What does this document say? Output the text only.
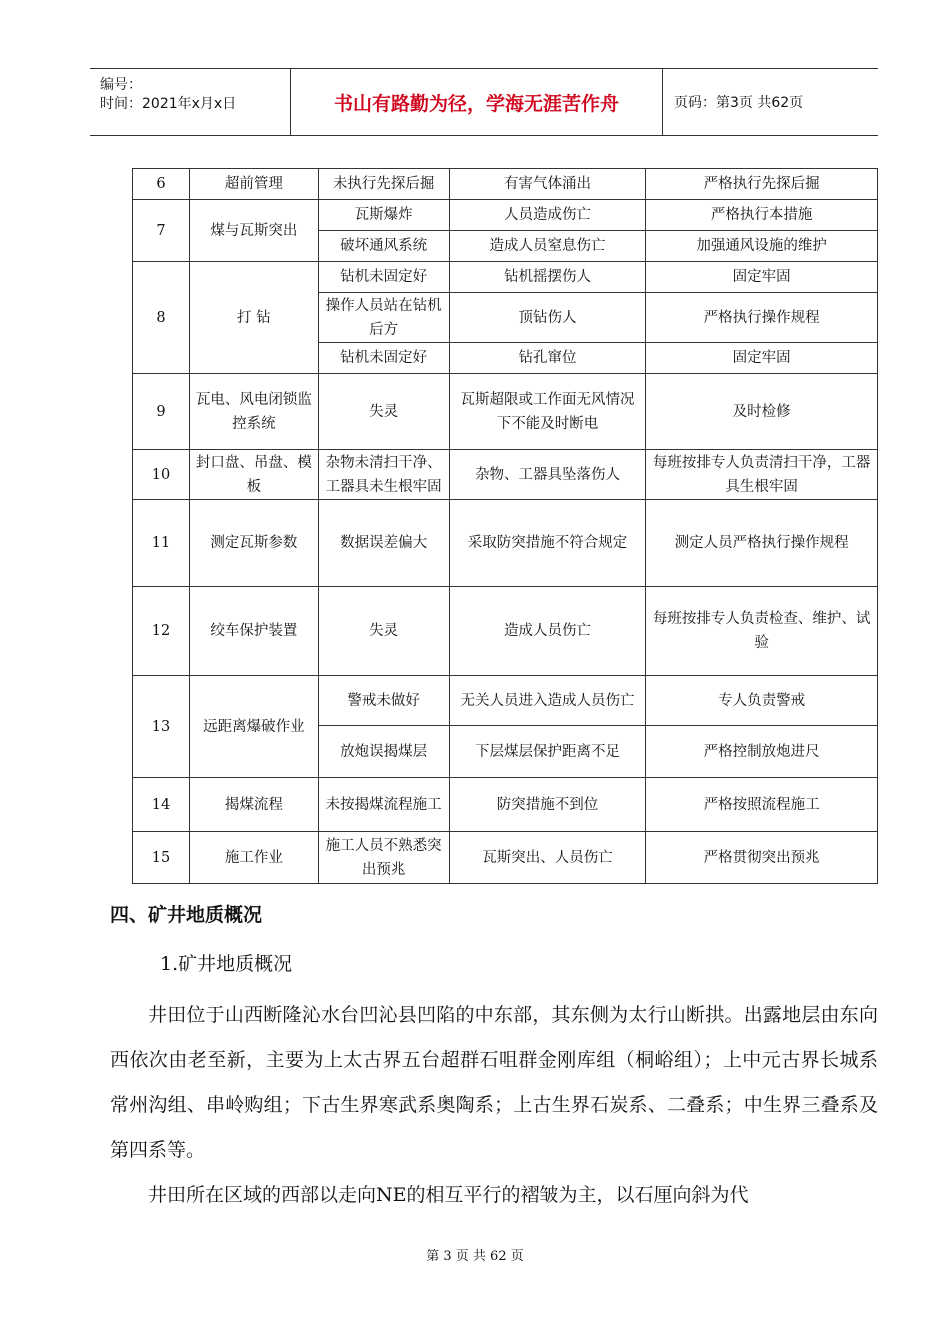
编号：
时间：2021年x月x日	书山有路勤为径，学海无涯苦作舟	页码：第3页 共62页
6	超前管理	未执行先探后掘	有害气体涌出	严格执行先探后掘
7	煤与瓦斯突出	瓦斯爆炸	人员造成伤亡	严格执行本措施
		破坏通风系统	造成人员窒息伤亡	加强通风设施的维护
8	打 钻	钻机未固定好	钻机摇摆伤人	固定牢固
		操作人员站在钻机后方	顶钻伤人	严格执行操作规程
		钻机未固定好	钻孔窜位	固定牢固
9	瓦电、风电闭锁监控系统	失灵	瓦斯超限或工作面无风情况下不能及时断电	及时检修
10	封口盘、吊盘、模板	杂物未清扫干净、工器具未生根牢固	杂物、工器具坠落伤人	每班按排专人负责清扫干净，工器具生根牢固
11	测定瓦斯参数	数据误差偏大	采取防突措施不符合规定	测定人员严格执行操作规程
12	绞车保护装置	失灵	造成人员伤亡	每班按排专人负责检查、维护、试验
13	远距离爆破作业	警戒未做好	无关人员进入造成人员伤亡	专人负责警戒
		放炮误揭煤层	下层煤层保护距离不足	严格控制放炮进尺
14	揭煤流程	未按揭煤流程施工	防突措施不到位	严格按照流程施工
15	施工作业	施工人员不熟悉突出预兆	瓦斯突出、人员伤亡	严格贯彻突出预兆
四、矿井地质概况
1.矿井地质概况

井田位于山西断隆沁水台凹沁县凹陷的中东部，其东侧为太行山断拱。出露地层由东向西依次由老至新，主要为上太古界五台超群石咀群金刚库组（桐峪组）；上中元古界长城系常州沟组、串岭购组；下古生界寒武系奥陶系；上古生界石炭系、二叠系；中生界三叠系及第四系等。

井田所在区域的西部以走向NE的相互平行的褶皱为主，以石厘向斜为代

第 3 页 共 62 页
